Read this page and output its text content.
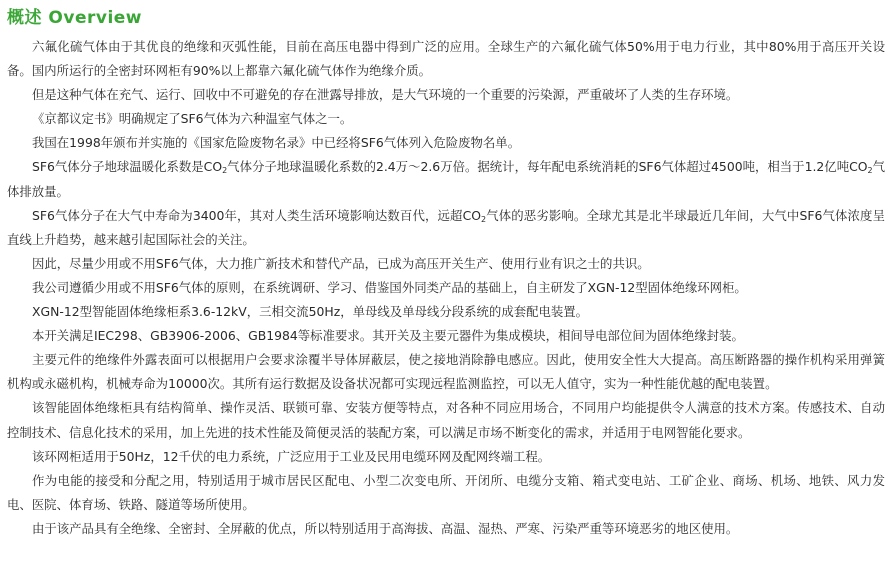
概述 Overview

六氟化硫气体由于其优良的绝缘和灭弧性能，目前在高压电器中得到广泛的应用。全球生产的六氟化硫气体50%用于电力行业，其中80%用于高压开关设备。国内所运行的全密封环网柜有90%以上都靠六氟化硫气体作为绝缘介质。

但是这种气体在充气、运行、回收中不可避免的存在泄露导排放，是大气环境的一个重要的污染源，严重破坏了人类的生存环境。

《京都议定书》明确规定了SF6气体为六种温室气体之一。

我国在1998年颁布并实施的《国家危险废物名录》中已经将SF6气体列入危险废物名单。

SF6气体分子地球温暖化系数是$CO_2$气体分子地球温暖化系数的2.4万～2.6万倍。据统计，每年配电系统消耗的SF6气体超过4500吨，相当于1.2亿吨$CO_2$气体排放量。

SF6气体分子在大气中寿命为3400年，其对人类生活环境影响达数百代，远超$CO_2$气体的恶劣影响。全球尤其是北半球最近几年间，大气中SF6气体浓度呈直线上升趋势，越来越引起国际社会的关注。

因此，尽量少用或不用SF6气体，大力推广新技术和替代产品，已成为高压开关生产、使用行业有识之士的共识。

我公司遵循少用或不用SF6气体的原则，在系统调研、学习、借鉴国外同类产品的基础上，自主研发了XGN-12型固体绝缘环网柜。

XGN-12型智能固体绝缘柜系3.6-12kV，三相交流50Hz，单母线及单母线分段系统的成套配电装置。

本开关满足IEC298、GB3906-2006、GB1984等标准要求。其开关及主要元器件为集成模块，相间导电部位间为固体绝缘封装。

主要元件的绝缘件外露表面可以根据用户会要求涂覆半导体屏蔽层，使之接地消除静电感应。因此，使用安全性大大提高。高压断路器的操作机构采用弹簧机构或永磁机构，机械寿命为10000次。其所有运行数据及设备状况都可实现远程监测监控，可以无人值守，实为一种性能优越的配电装置。

该智能固体绝缘柜具有结构简单、操作灵活、联锁可靠、安装方便等特点，对各种不同应用场合，不同用户均能提供令人满意的技术方案。传感技术、自动控制技术、信息化技术的采用，加上先进的技术性能及简便灵活的装配方案，可以满足市场不断变化的需求，并适用于电网智能化要求。

该环网柜适用于50Hz，12千伏的电力系统，广泛应用于工业及民用电缆环网及配网终端工程。

作为电能的接受和分配之用，特别适用于城市居民区配电、小型二次变电所、开闭所、电缆分支箱、箱式变电站、工矿企业、商场、机场、地铁、风力发电、医院、体育场、铁路、隧道等场所使用。

由于该产品具有全绝缘、全密封、全屏蔽的优点，所以特别适用于高海拔、高温、湿热、严寒、污染严重等环境恶劣的地区使用。
